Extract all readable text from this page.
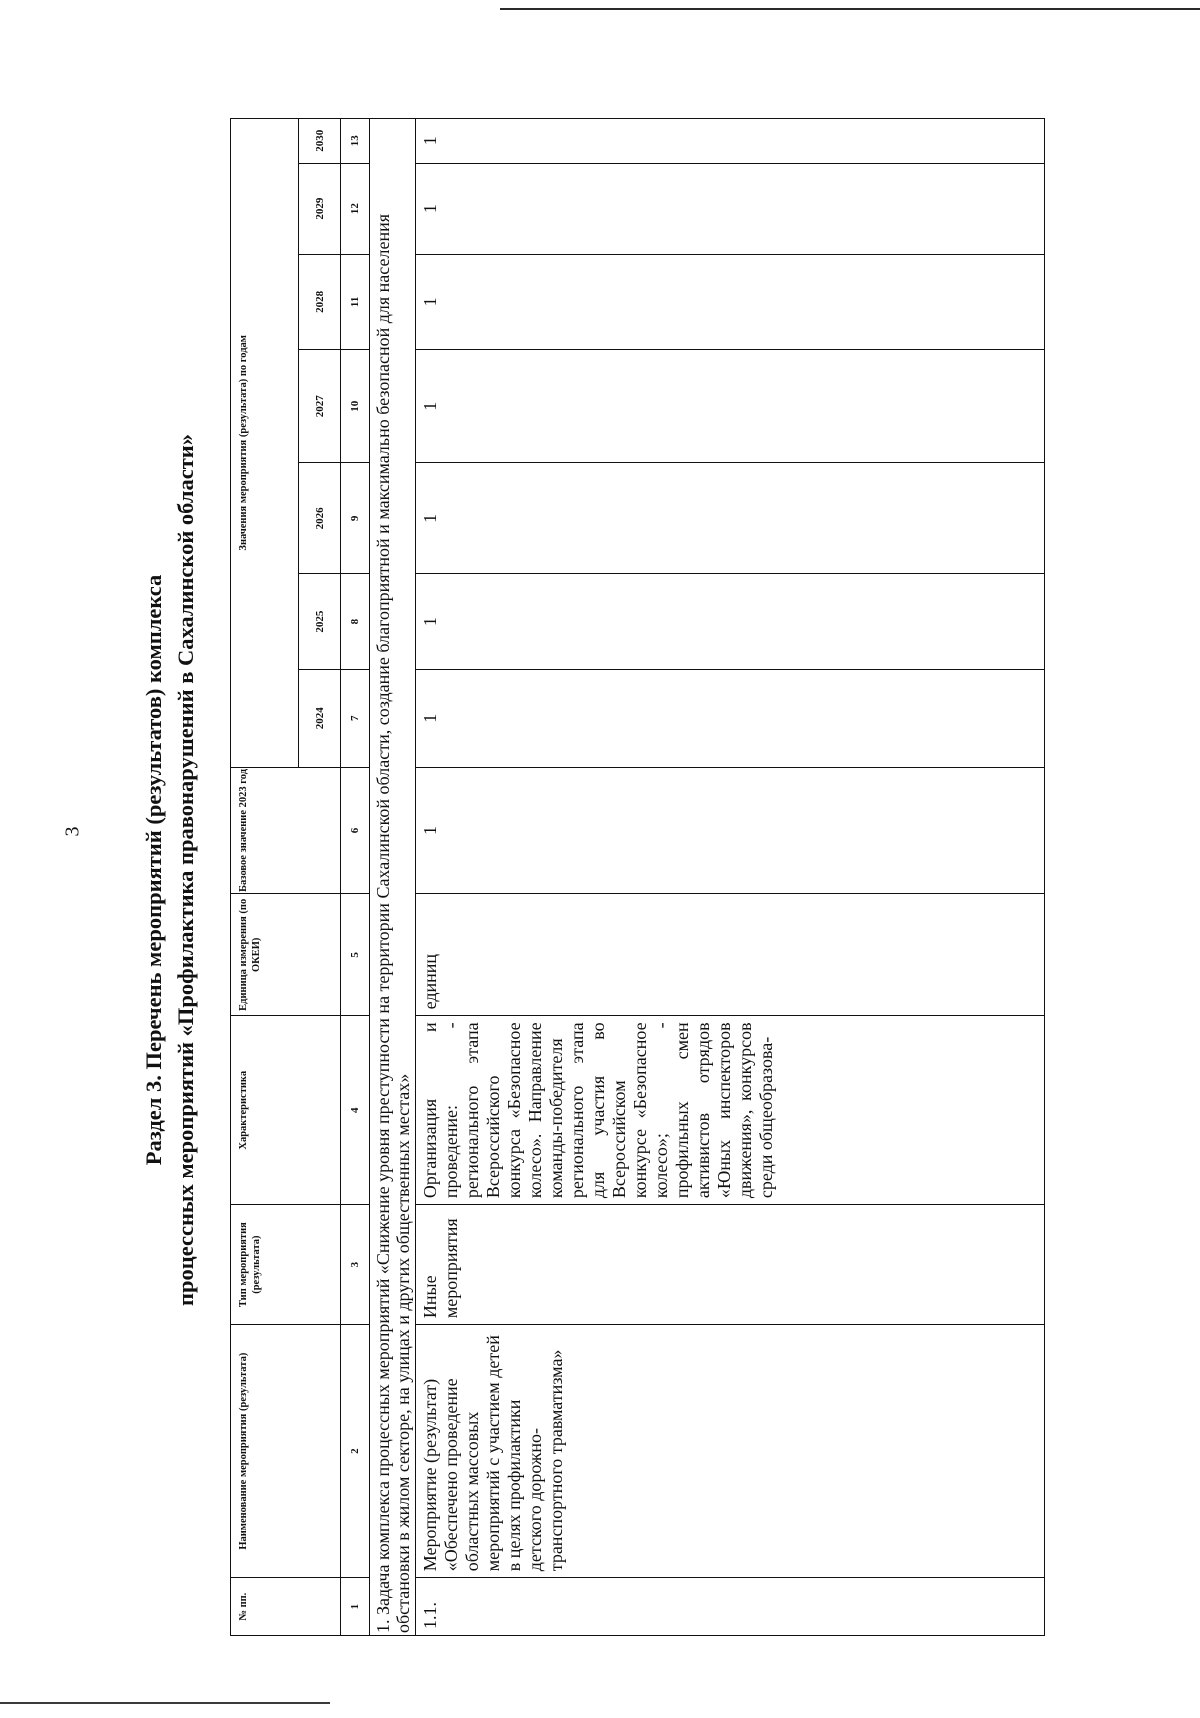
3	Раздел 3. Перечень мероприятий (результатов) комплекса процессных мероприятий «Профилактика правонарушений в Сахалинской области»
№ пп.	Наименование мероприятия (результата)	Тип мероприятия (результата)	Характеристика	Единица измерения (по ОКЕИ)	Базовое значение 2023 год	Значения мероприятия (результата) по годам						
						2024	2025	2026	2027	2028	2029	2030
1	2	3	4	5	6	7	8	9	10	11	12	13
1. Задача комплекса процессных мероприятий «Снижение уровня преступности на территории Сахалинской области, создание благоприятной и максимально безопасной для населения обстановки в жилом секторе, на улицах и других общественных местах»												
1.1.	Мероприятие (результат) «Обеспечено проведение областных массовых мероприятий с участием детей в целях профилактики детского дорожно-транспортного травматизма»	Иные мероприятия	Организация и проведение: - регионального этапа Всероссийского конкурса «Безопасное колесо». Направление команды-победителя регионального этапа для участия во Всероссийском конкурсе «Безопасное колесо»; - профильных смен активистов отрядов «Юных инспекторов движения», конкурсов среди общеобразова-	единиц	1	1	1	1	1	1	1	1
